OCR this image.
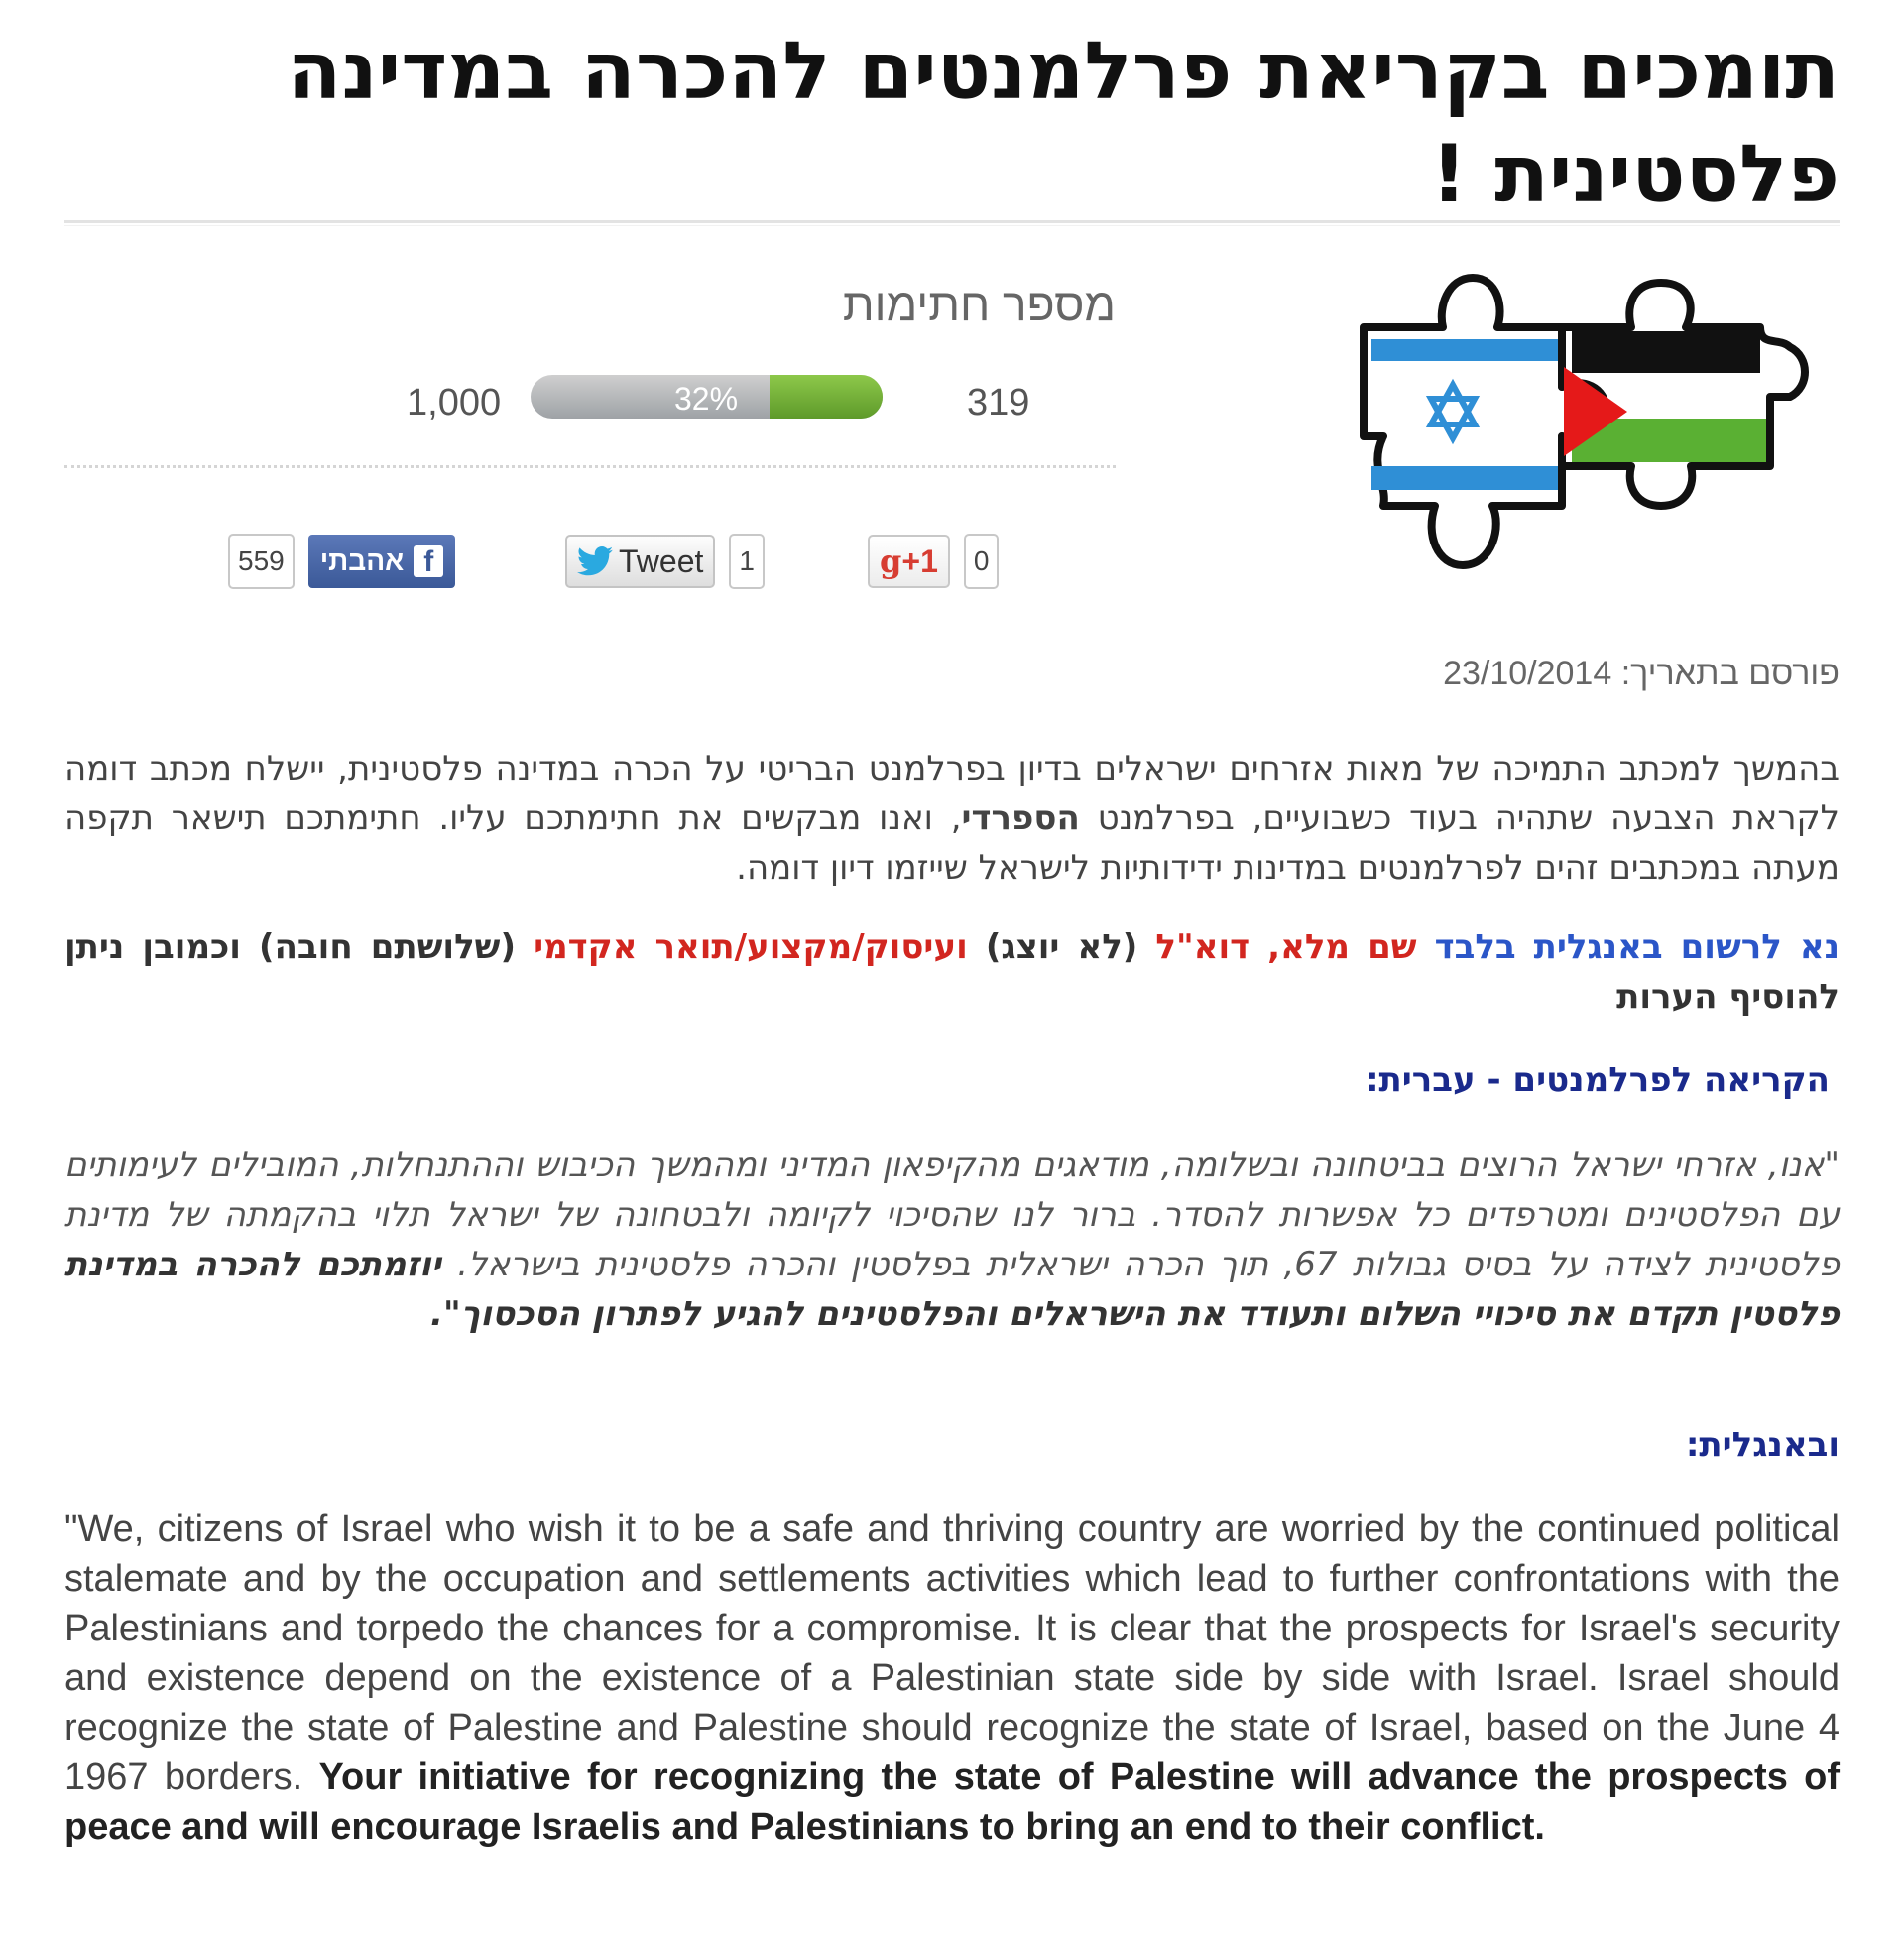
תומכים בקריאת פרלמנטים להכרה במדינה פלסטינית !
מספר חתימות
1,000	32%	319
559	f
אהבתי	Tweet	1	g+1	0
פורסם בתאריך: 23/10/2014

בהמשך למכתב התמיכה של מאות אזרחים ישראלים בדיון בפרלמנט הבריטי על הכרה במדינה פלסטינית, יישלח מכתב דומה לקראת הצבעה שתהיה בעוד כשבועיים, בפרלמנט הספרדי, ואנו מבקשים את חתימתכם עליו. חתימתכם תישאר תקפה מעתה במכתבים זהים לפרלמנטים במדינות ידידותיות לישראל שייזמו דיון דומה.

נא לרשום באנגלית בלבד שם מלא, דוא"ל (לא יוצג) ועיסוק/מקצוע/תואר אקדמי (שלושתם חובה) וכמובן ניתן להוסיף הערות

הקריאה לפרלמנטים - עברית:

"אנו, אזרחי ישראל הרוצים בביטחונה ובשלומה, מודאגים מהקיפאון המדיני ומהמשך הכיבוש וההתנחלות, המובילים לעימותים עם הפלסטינים ומטרפדים כל אפשרות להסדר. ברור לנו שהסיכוי לקיומה ולבטחונה של ישראל תלוי בהקמתה של מדינת פלסטינית לצידה על בסיס גבולות 67, תוך הכרה ישראלית בפלסטין והכרה פלסטינית בישראל. יוזמתכם להכרה במדינת פלסטין תקדם את סיכויי השלום ותעודד את הישראלים והפלסטינים להגיע לפתרון הסכסוך".

ובאנגלית:

"We, citizens of Israel who wish it to be a safe and thriving country are worried by the continued political stalemate and by the occupation and settlements activities which lead to further confrontations with the Palestinians and torpedo the chances for a compromise. It is clear that the prospects for Israel's security and existence depend on the existence of a Palestinian state side by side with Israel. Israel should recognize the state of Palestine and Palestine should recognize the state of Israel, based on the June 4 1967 borders. Your initiative for recognizing the state of Palestine will advance the prospects of peace and will encourage Israelis and Palestinians to bring an end to their conflict.
